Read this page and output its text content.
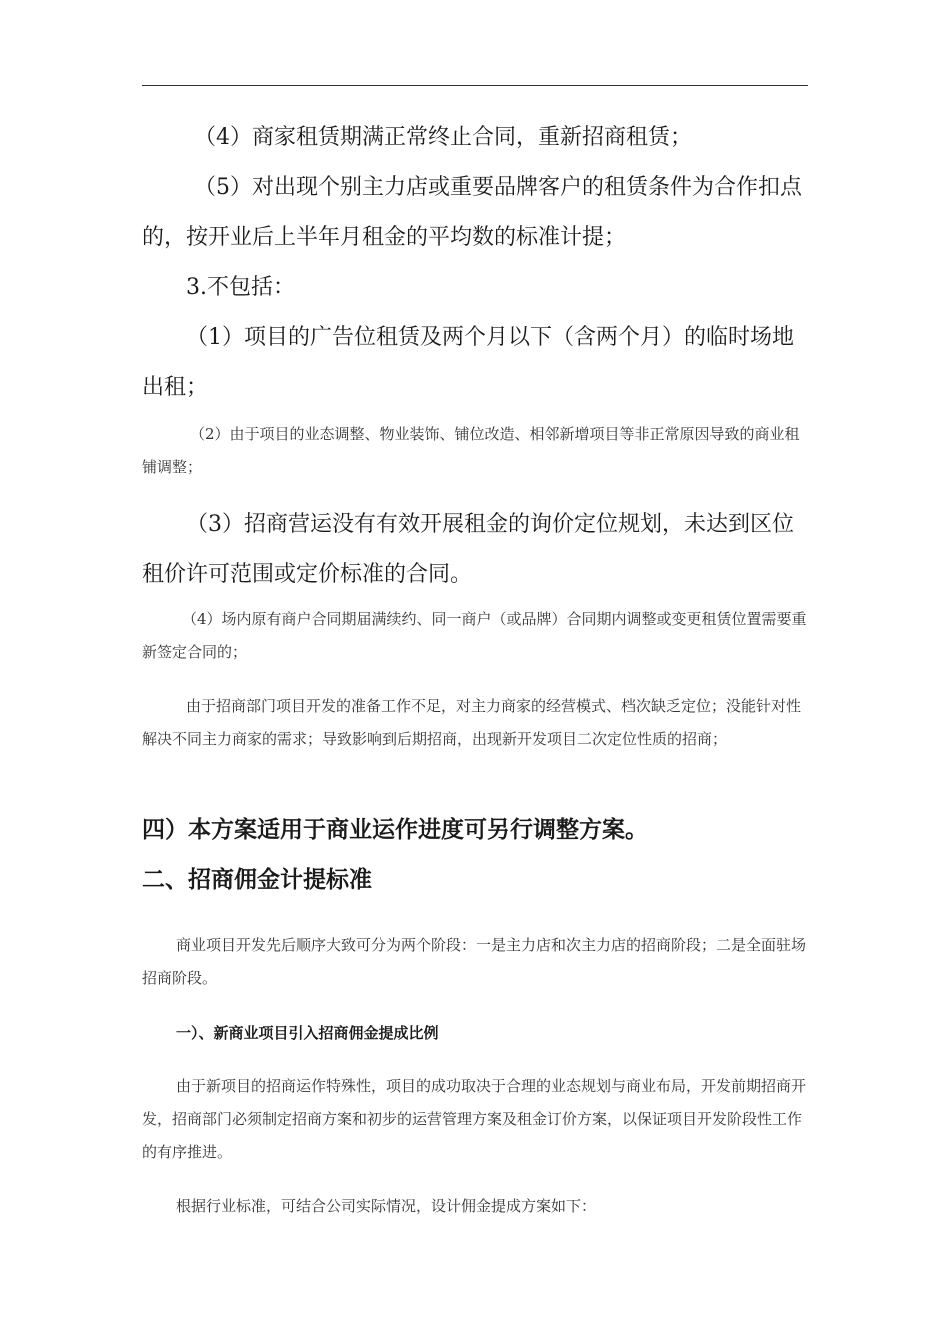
（4）商家租赁期满正常终止合同，重新招商租赁；

（5）对出现个别主力店或重要品牌客户的租赁条件为合作扣点的，按开业后上半年月租金的平均数的标准计提；

3.不包括：

（1）项目的广告位租赁及两个月以下（含两个月）的临时场地出租；

（2）由于项目的业态调整、物业装饰、铺位改造、相邻新增项目等非正常原因导致的商业租铺调整；

（3）招商营运没有有效开展租金的询价定位规划，未达到区位租价许可范围或定价标准的合同。

（4）场内原有商户合同期届满续约、同一商户（或品牌）合同期内调整或变更租赁位置需要重新签定合同的；

由于招商部门项目开发的准备工作不足，对主力商家的经营模式、档次缺乏定位；没能针对性解决不同主力商家的需求；导致影响到后期招商，出现新开发项目二次定位性质的招商；

四）本方案适用于商业运作进度可另行调整方案。

二、招商佣金计提标准

商业项目开发先后顺序大致可分为两个阶段：一是主力店和次主力店的招商阶段；二是全面驻场招商阶段。

一）、新商业项目引入招商佣金提成比例

由于新项目的招商运作特殊性，项目的成功取决于合理的业态规划与商业布局，开发前期招商开发，招商部门必须制定招商方案和初步的运营管理方案及租金订价方案，以保证项目开发阶段性工作的有序推进。

根据行业标准，可结合公司实际情况，设计佣金提成方案如下：
